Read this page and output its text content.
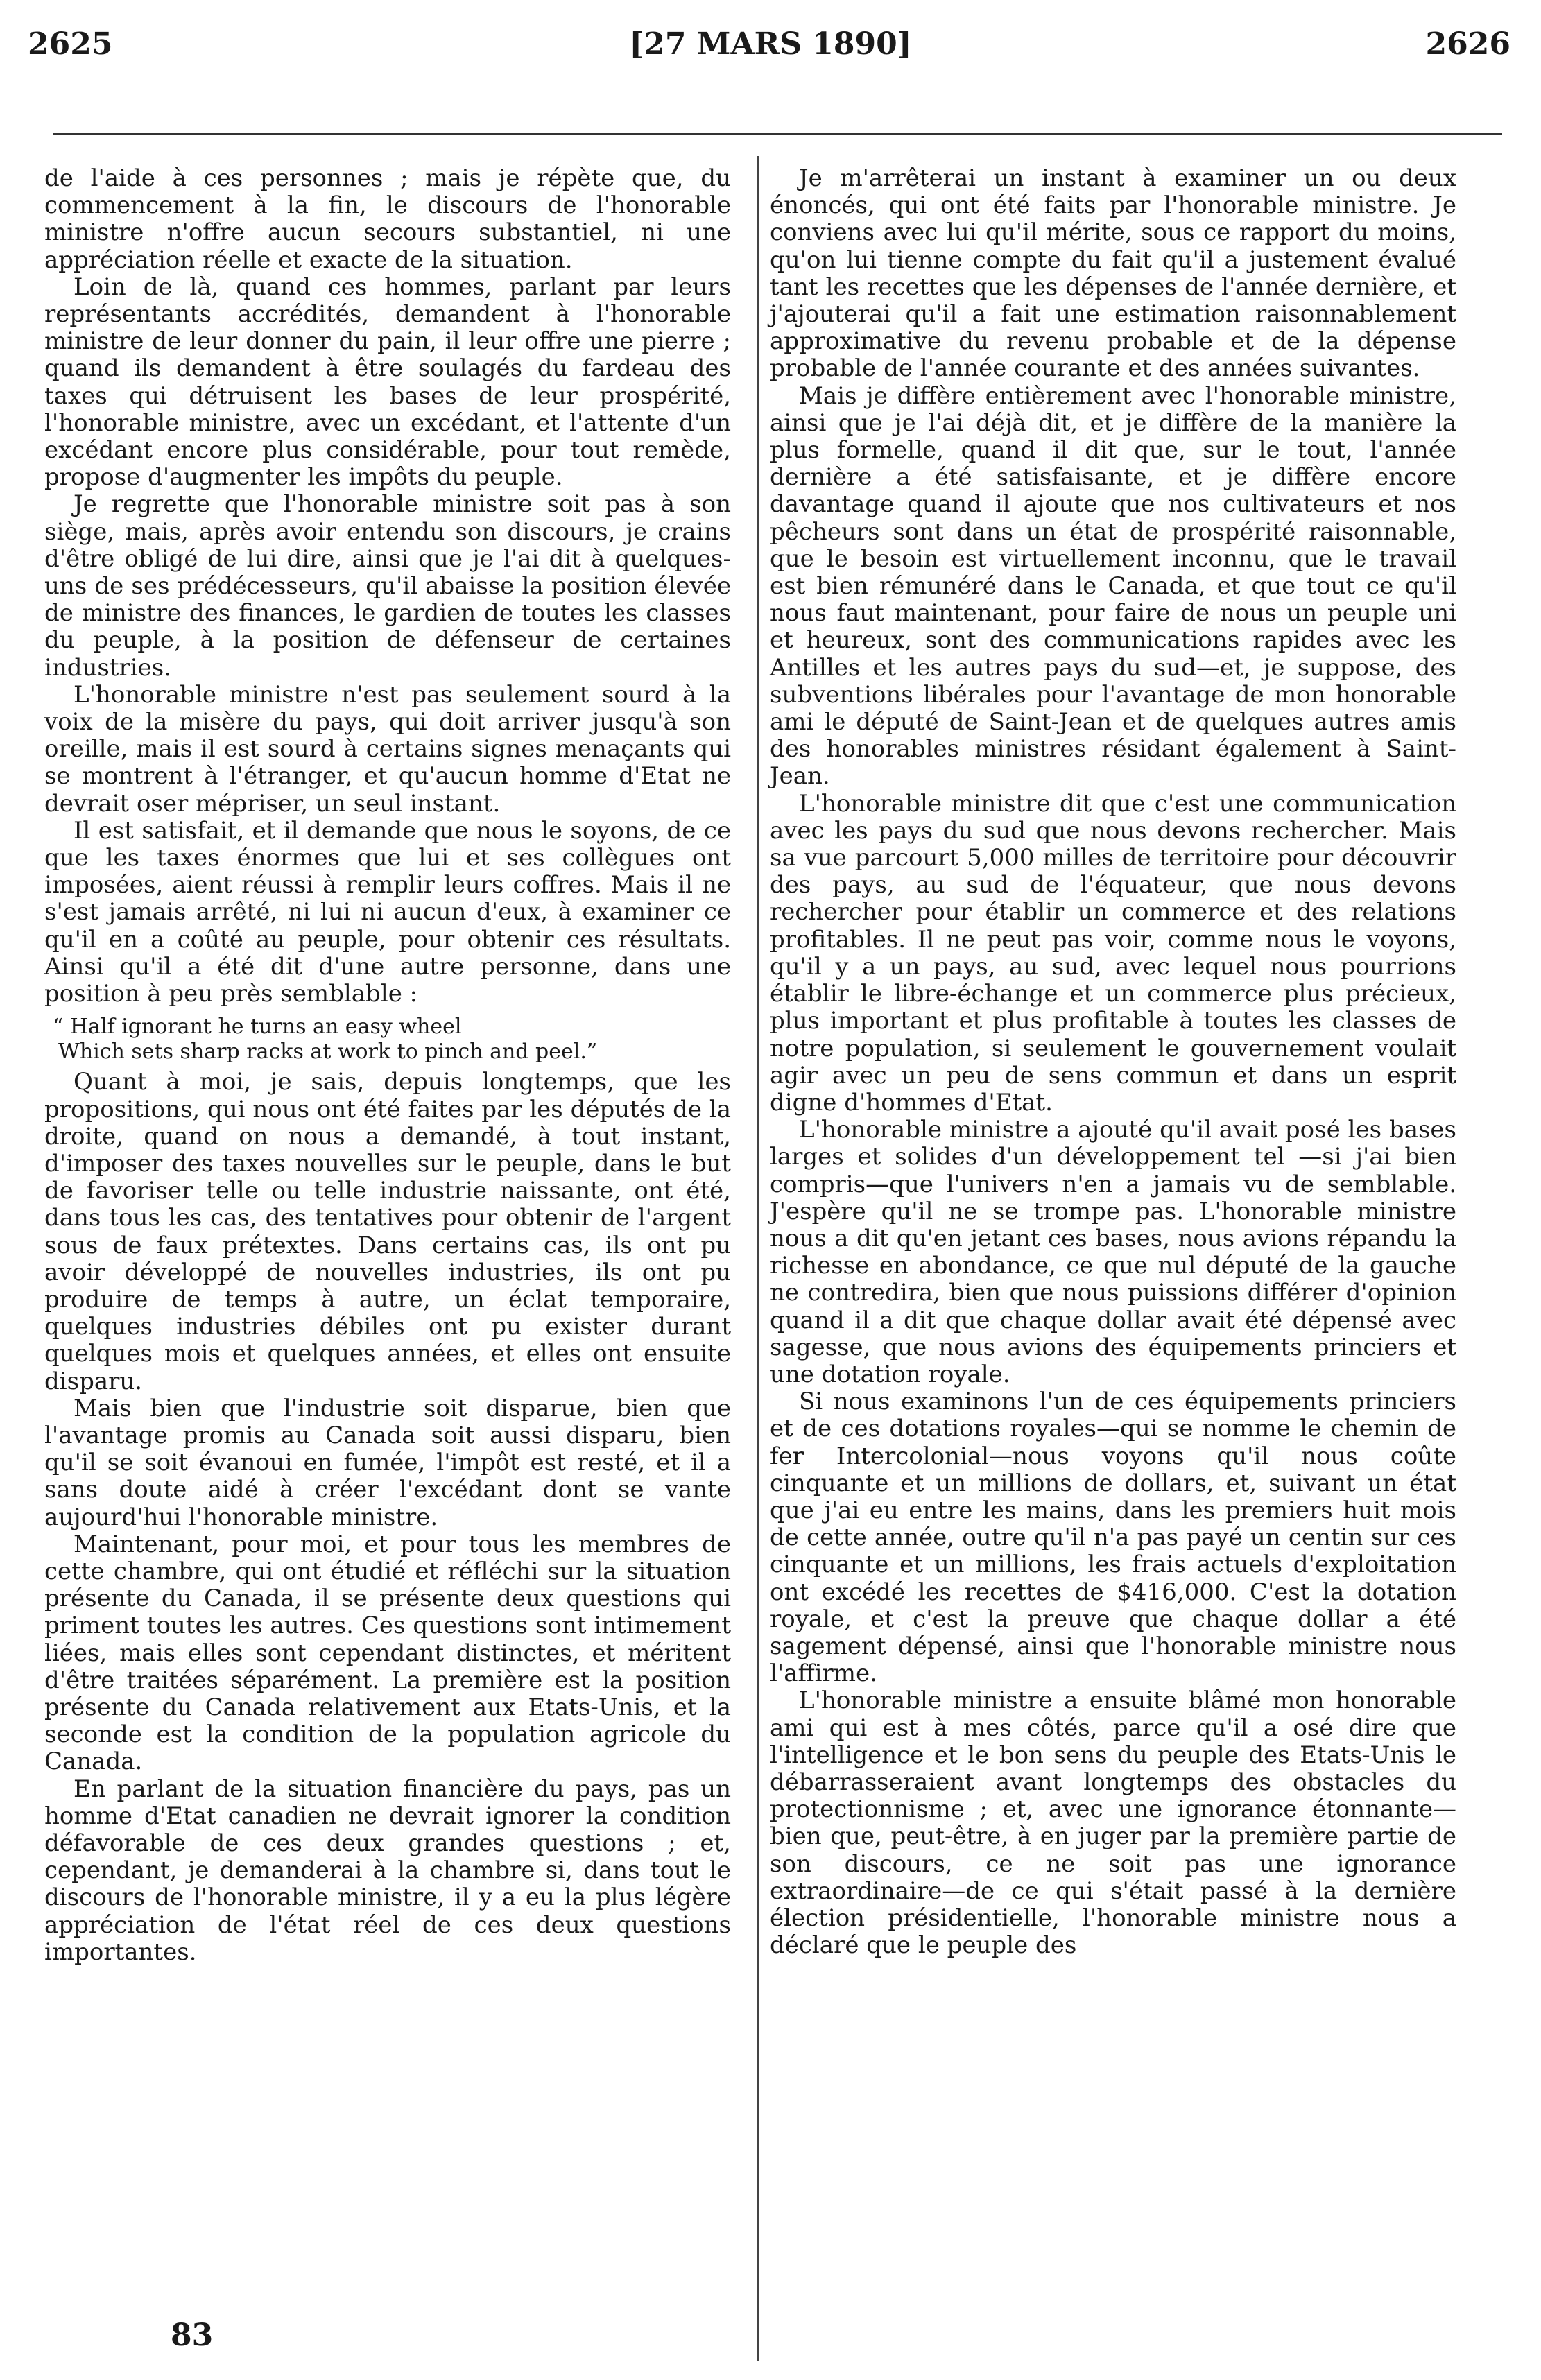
2625	[27 MARS 1890]	2626

de l'aide à ces personnes ; mais je répète que, du commencement à la fin, le discours de l'honorable ministre n'offre aucun secours substantiel, ni une appréciation réelle et exacte de la situation.

Loin de là, quand ces hommes, parlant par leurs représentants accrédités, demandent à l'honorable ministre de leur donner du pain, il leur offre une pierre ; quand ils demandent à être soulagés du fardeau des taxes qui détruisent les bases de leur prospérité, l'honorable ministre, avec un excédant, et l'attente d'un excédant encore plus considérable, pour tout remède, propose d'augmenter les impôts du peuple.

Je regrette que l'honorable ministre soit pas à son siège, mais, après avoir entendu son discours, je crains d'être obligé de lui dire, ainsi que je l'ai dit à quelques-uns de ses prédécesseurs, qu'il abaisse la position élevée de ministre des finances, le gardien de toutes les classes du peuple, à la position de défenseur de certaines industries.

L'honorable ministre n'est pas seulement sourd à la voix de la misère du pays, qui doit arriver jusqu'à son oreille, mais il est sourd à certains signes menaçants qui se montrent à l'étranger, et qu'aucun homme d'Etat ne devrait oser mépriser, un seul instant.

Il est satisfait, et il demande que nous le soyons, de ce que les taxes énormes que lui et ses collègues ont imposées, aient réussi à remplir leurs coffres. Mais il ne s'est jamais arrêté, ni lui ni aucun d'eux, à examiner ce qu'il en a coûté au peuple, pour obtenir ces résultats. Ainsi qu'il a été dit d'une autre personne, dans une position à peu près semblable :

“ Half ignorant he turns an easy wheel
Which sets sharp racks at work to pinch and peel.”

Quant à moi, je sais, depuis longtemps, que les propositions, qui nous ont été faites par les députés de la droite, quand on nous a demandé, à tout instant, d'imposer des taxes nouvelles sur le peuple, dans le but de favoriser telle ou telle industrie naissante, ont été, dans tous les cas, des tentatives pour obtenir de l'argent sous de faux prétextes. Dans certains cas, ils ont pu avoir développé de nouvelles industries, ils ont pu produire de temps à autre, un éclat temporaire, quelques industries débiles ont pu exister durant quelques mois et quelques années, et elles ont ensuite disparu.

Mais bien que l'industrie soit disparue, bien que l'avantage promis au Canada soit aussi disparu, bien qu'il se soit évanoui en fumée, l'impôt est resté, et il a sans doute aidé à créer l'excédant dont se vante aujourd'hui l'honorable ministre.

Maintenant, pour moi, et pour tous les membres de cette chambre, qui ont étudié et réfléchi sur la situation présente du Canada, il se présente deux questions qui priment toutes les autres. Ces questions sont intimement liées, mais elles sont cependant distinctes, et méritent d'être traitées séparément. La première est la position présente du Canada relativement aux Etats-Unis, et la seconde est la condition de la population agricole du Canada.

En parlant de la situation financière du pays, pas un homme d'Etat canadien ne devrait ignorer la condition défavorable de ces deux grandes questions ; et, cependant, je demanderai à la chambre si, dans tout le discours de l'honorable ministre, il y a eu la plus légère appréciation de l'état réel de ces deux questions importantes.

Je m'arrêterai un instant à examiner un ou deux énoncés, qui ont été faits par l'honorable ministre. Je conviens avec lui qu'il mérite, sous ce rapport du moins, qu'on lui tienne compte du fait qu'il a justement évalué tant les recettes que les dépenses de l'année dernière, et j'ajouterai qu'il a fait une estimation raisonnablement approximative du revenu probable et de la dépense probable de l'année courante et des années suivantes.

Mais je diffère entièrement avec l'honorable ministre, ainsi que je l'ai déjà dit, et je diffère de la manière la plus formelle, quand il dit que, sur le tout, l'année dernière a été satisfaisante, et je diffère encore davantage quand il ajoute que nos cultivateurs et nos pêcheurs sont dans un état de prospérité raisonnable, que le besoin est virtuellement inconnu, que le travail est bien rémunéré dans le Canada, et que tout ce qu'il nous faut maintenant, pour faire de nous un peuple uni et heureux, sont des communications rapides avec les Antilles et les autres pays du sud—et, je suppose, des subventions libérales pour l'avantage de mon honorable ami le député de Saint-Jean et de quelques autres amis des honorables ministres résidant également à Saint-Jean.

L'honorable ministre dit que c'est une communication avec les pays du sud que nous devons rechercher. Mais sa vue parcourt 5,000 milles de territoire pour découvrir des pays, au sud de l'équateur, que nous devons rechercher pour établir un commerce et des relations profitables. Il ne peut pas voir, comme nous le voyons, qu'il y a un pays, au sud, avec lequel nous pourrions établir le libre-échange et un commerce plus précieux, plus important et plus profitable à toutes les classes de notre population, si seulement le gouvernement voulait agir avec un peu de sens commun et dans un esprit digne d'hommes d'Etat.

L'honorable ministre a ajouté qu'il avait posé les bases larges et solides d'un développement tel —si j'ai bien compris—que l'univers n'en a jamais vu de semblable. J'espère qu'il ne se trompe pas. L'honorable ministre nous a dit qu'en jetant ces bases, nous avions répandu la richesse en abondance, ce que nul député de la gauche ne contredira, bien que nous puissions différer d'opinion quand il a dit que chaque dollar avait été dépensé avec sagesse, que nous avions des équipements princiers et une dotation royale.

Si nous examinons l'un de ces équipements princiers et de ces dotations royales—qui se nomme le chemin de fer Intercolonial—nous voyons qu'il nous coûte cinquante et un millions de dollars, et, suivant un état que j'ai eu entre les mains, dans les premiers huit mois de cette année, outre qu'il n'a pas payé un centin sur ces cinquante et un millions, les frais actuels d'exploitation ont excédé les recettes de $416,000. C'est la dotation royale, et c'est la preuve que chaque dollar a été sagement dépensé, ainsi que l'honorable ministre nous l'affirme.

L'honorable ministre a ensuite blâmé mon honorable ami qui est à mes côtés, parce qu'il a osé dire que l'intelligence et le bon sens du peuple des Etats-Unis le débarrasseraient avant longtemps des obstacles du protectionnisme ; et, avec une ignorance étonnante—bien que, peut-être, à en juger par la première partie de son discours, ce ne soit pas une ignorance extraordinaire—de ce qui s'était passé à la dernière élection présidentielle, l'honorable ministre nous a déclaré que le peuple des

83
